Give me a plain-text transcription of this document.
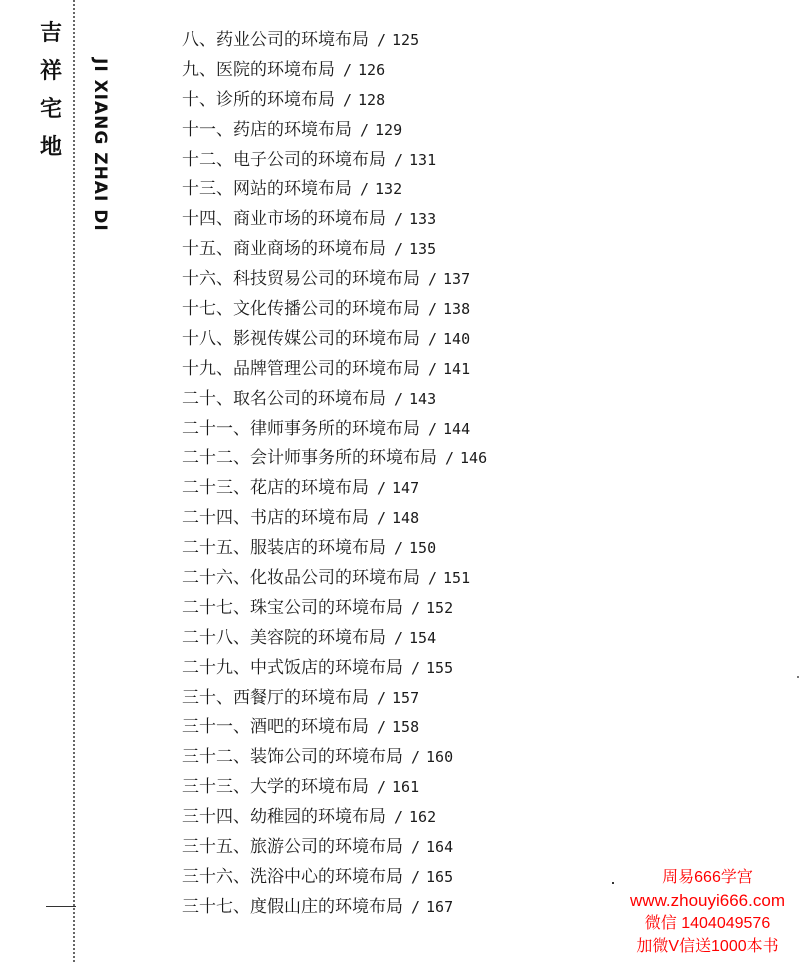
吉
祥
宅
地 JI XIANG ZHAI DI
八、药业公司的环境布局 / 125
九、医院的环境布局 / 126
十、诊所的环境布局 / 128
十一、药店的环境布局 / 129
十二、电子公司的环境布局 / 131
十三、网站的环境布局 / 132
十四、商业市场的环境布局 / 133
十五、商业商场的环境布局 / 135
十六、科技贸易公司的环境布局 / 137
十七、文化传播公司的环境布局 / 138
十八、影视传媒公司的环境布局 / 140
十九、品牌管理公司的环境布局 / 141
二十、取名公司的环境布局 / 143
二十一、律师事务所的环境布局 / 144
二十二、会计师事务所的环境布局 / 146
二十三、花店的环境布局 / 147
二十四、书店的环境布局 / 148
二十五、服装店的环境布局 / 150
二十六、化妆品公司的环境布局 / 151
二十七、珠宝公司的环境布局 / 152
二十八、美容院的环境布局 / 154
二十九、中式饭店的环境布局 / 155
三十、西餐厅的环境布局 / 157
三十一、酒吧的环境布局 / 158
三十二、装饰公司的环境布局 / 160
三十三、大学的环境布局 / 161
三十四、幼稚园的环境布局 / 162
三十五、旅游公司的环境布局 / 164
三十六、洗浴中心的环境布局 / 165
三十七、度假山庄的环境布局 / 167
周易666学宫
www.zhouyi666.com
微信 1404049576
加微V信送1000本书
